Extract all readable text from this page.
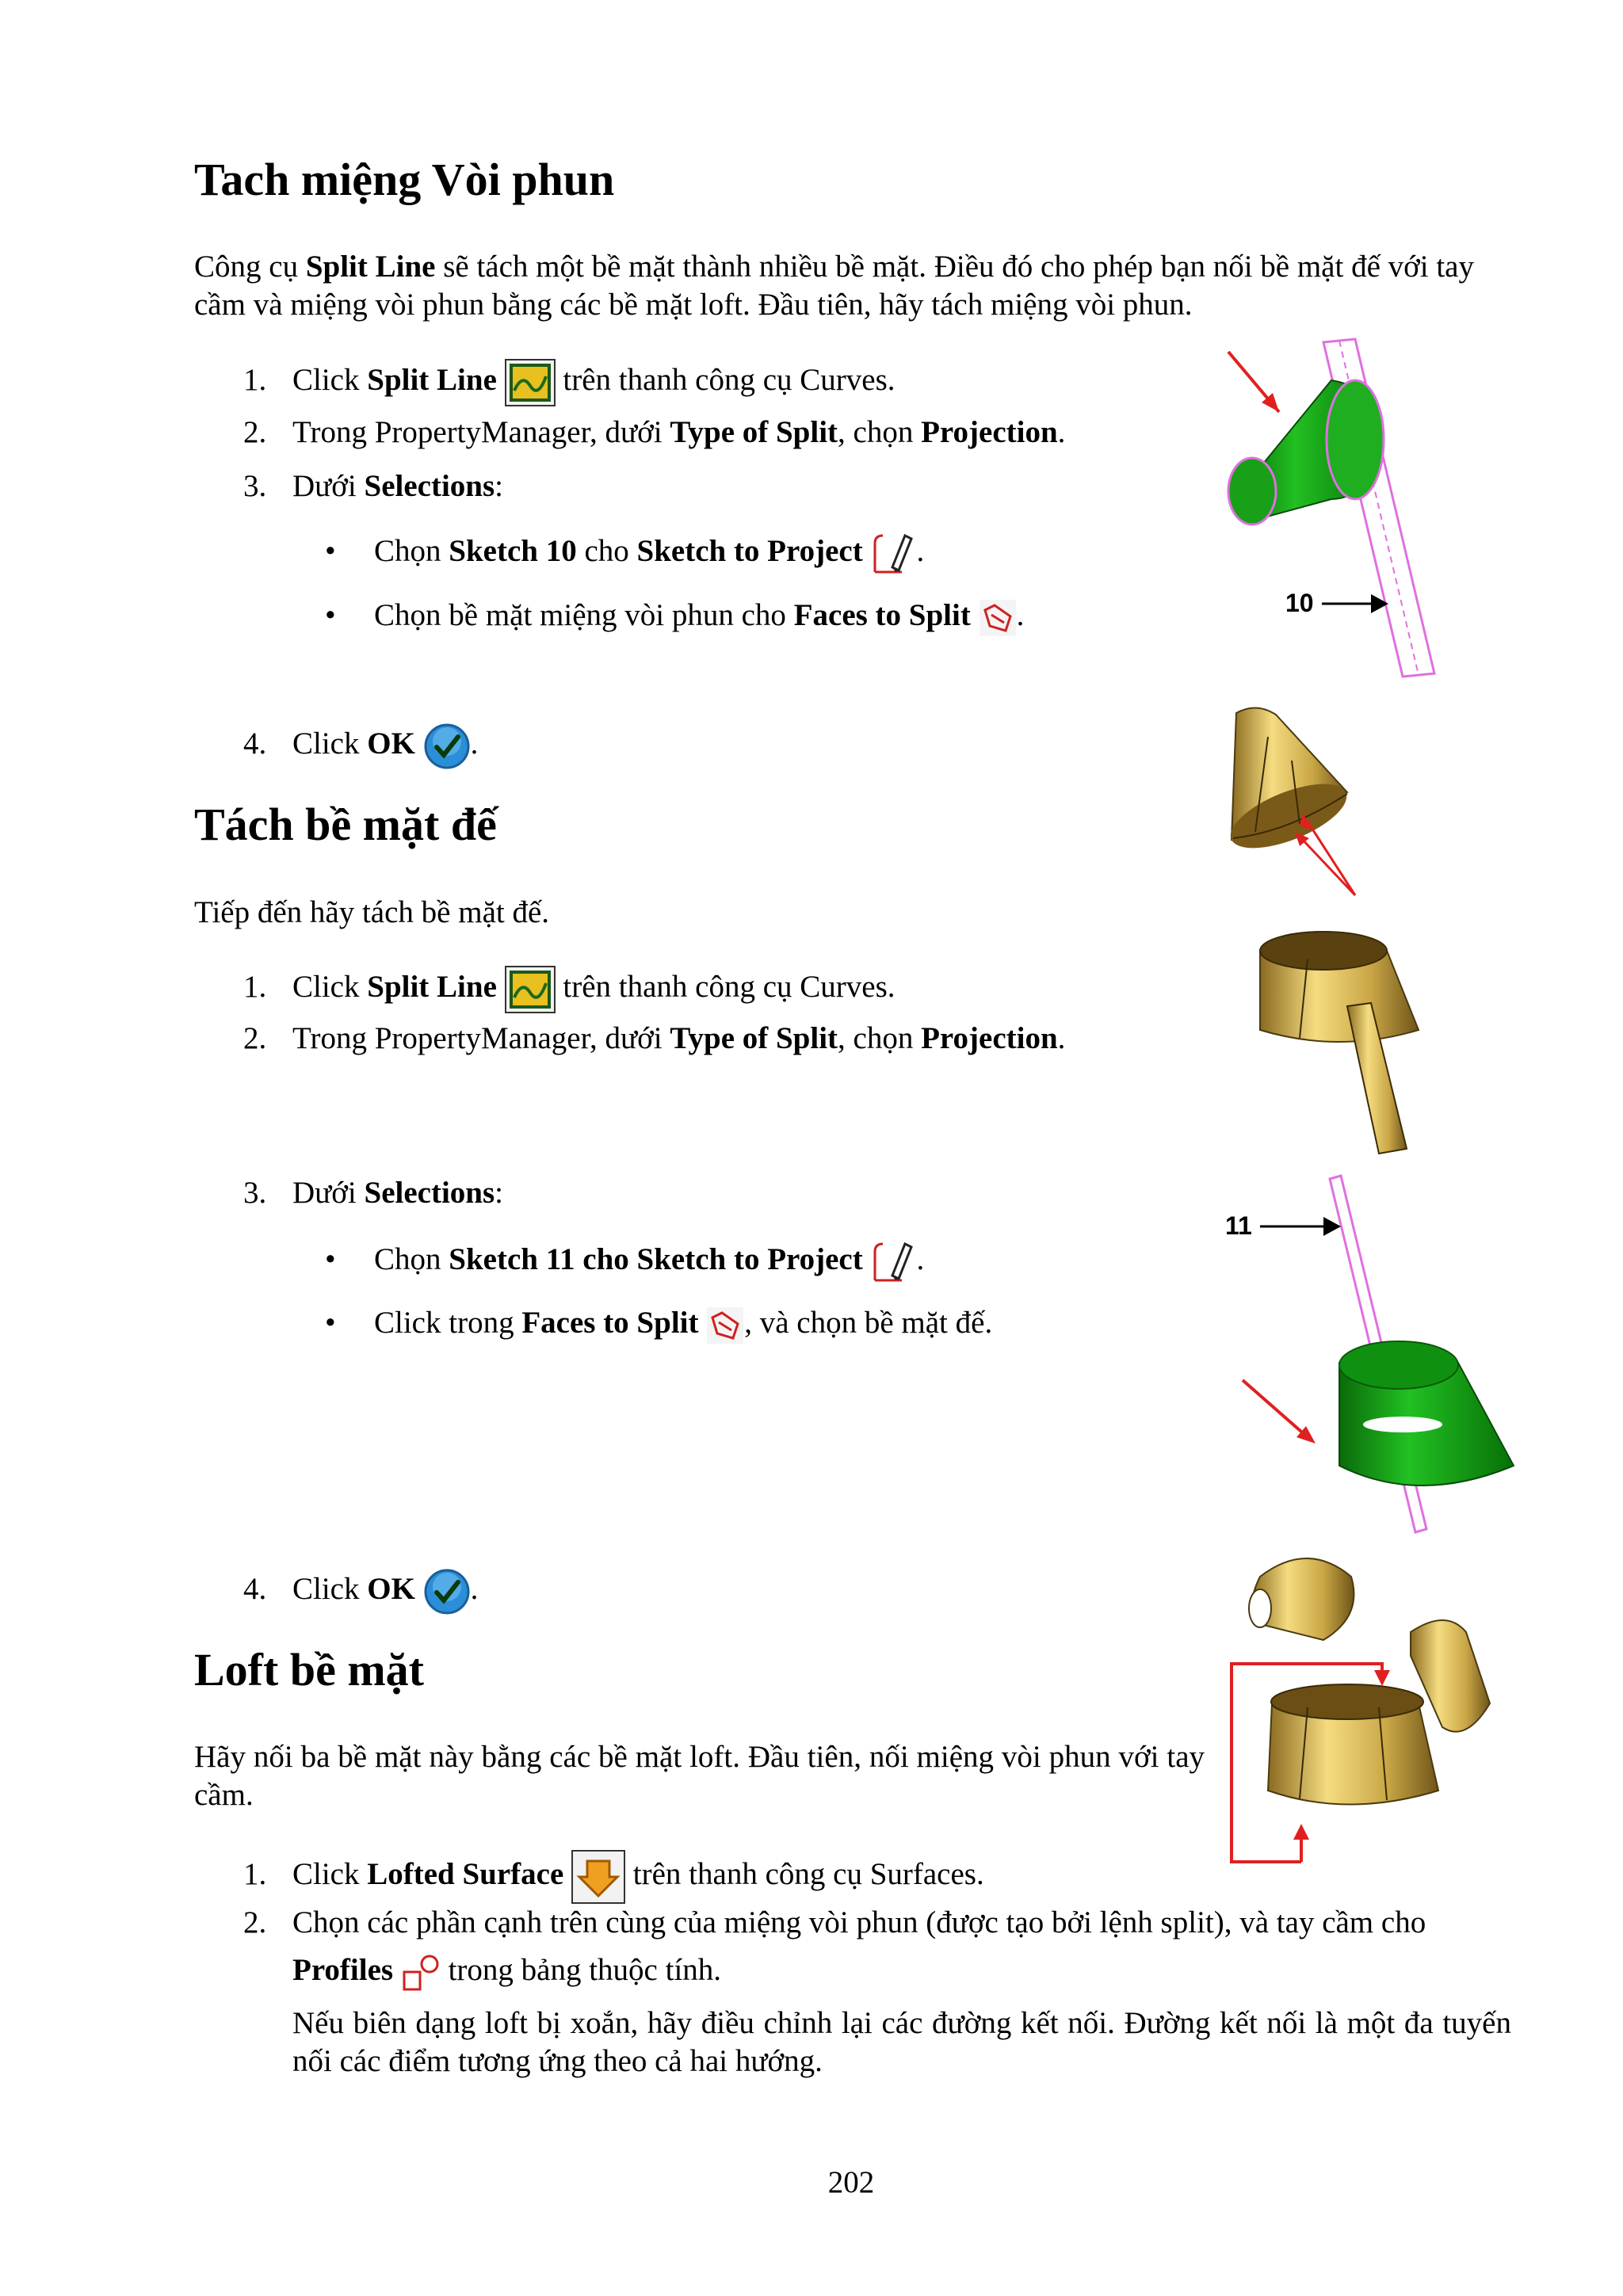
Tach miệng Vòi phun
Công cụ Split Line sẽ tách một bề mặt thành nhiều bề mặt. Điều đó cho phép bạn nối bề mặt đế với tay cầm và miệng vòi phun bằng các bề mặt loft. Đầu tiên, hãy tách miệng vòi phun.
1. Click Split Line
trên thanh công cụ Curves.
2. Trong PropertyManager, dưới Type of Split, chọn Projection.
3. Dưới Selections:
• Chọn Sketch 10 cho Sketch to Project .
• Chọn bề mặt miệng vòi phun cho Faces to Split .
4. Click OK .
10
Tách bề mặt đế
Tiếp đến hãy tách bề mặt đế.
1. Click Split Line
trên thanh công cụ Curves.
2. Trong PropertyManager, dưới Type of Split, chọn Projection.
3. Dưới Selections:
• Chọn Sketch 11 cho Sketch to Project .
• Click trong Faces to Split , và chọn bề mặt đế.
4. Click OK .
11
Loft bề mặt
Hãy nối ba bề mặt này bằng các bề mặt loft. Đầu tiên, nối miệng vòi phun với tay cầm.
1. Click Lofted Surface
trên thanh công cụ Surfaces.
2. Chọn các phần cạnh trên cùng của miệng vòi phun (được tạo bởi lệnh split), và tay cầm cho
Profiles
trong bảng thuộc tính.
Nếu biên dạng loft bị xoắn, hãy điều chỉnh lại các đường kết nối. Đường kết nối là một đa tuyến nối các điểm tương ứng theo cả hai hướng.
202
